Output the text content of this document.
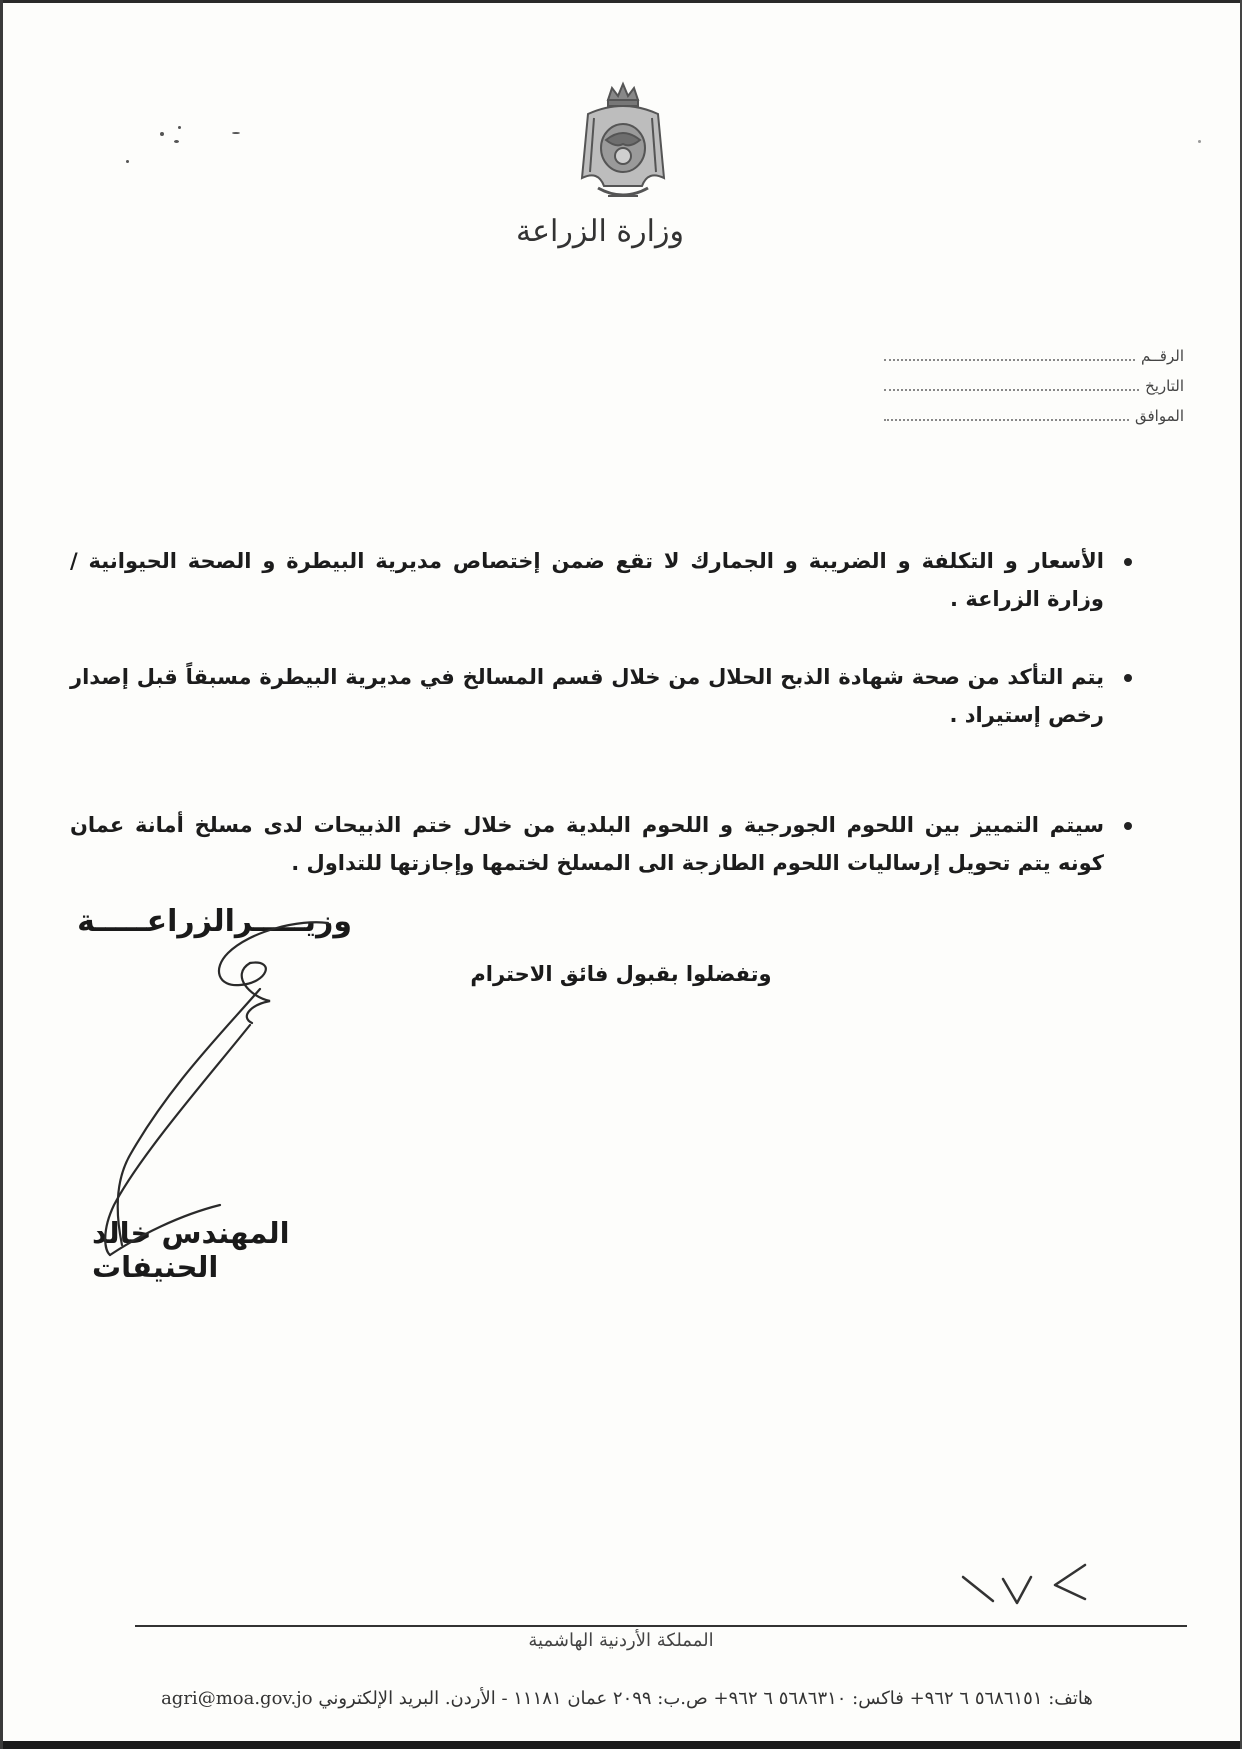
وزارة الزراعة
الرقــم
التاريخ
الموافق
الأسعار و التكلفة و الضريبة و الجمارك لا تقع ضمن إختصاص مديرية البيطرة و الصحة الحيوانية / وزارة الزراعة .
يتم التأكد من صحة شهادة الذبح الحلال من خلال قسم المسالخ في مديرية البيطرة مسبقاً قبل إصدار رخص إستيراد .
سيتم التمييز بين اللحوم الجورجية و اللحوم البلدية من خلال ختم الذبيحات لدى مسلخ أمانة عمان كونه يتم تحويل إرساليات اللحوم الطازجة الى المسلخ لختمها وإجازتها للتداول .
وتفضلوا بقبول فائق الاحترام
وزيـــــرالزراعـــــة
المهندس خالد الحنيفات
المملكة الأردنية الهاشمية
هاتف: ٥٦٨٦١٥١ ٦ ٩٦٢+ فاكس: ٥٦٨٦٣١٠ ٦ ٩٦٢+ ص.ب: ٢٠٩٩ عمان ١١١٨١ - الأردن. البريد الإلكتروني agri@moa.gov.jo
